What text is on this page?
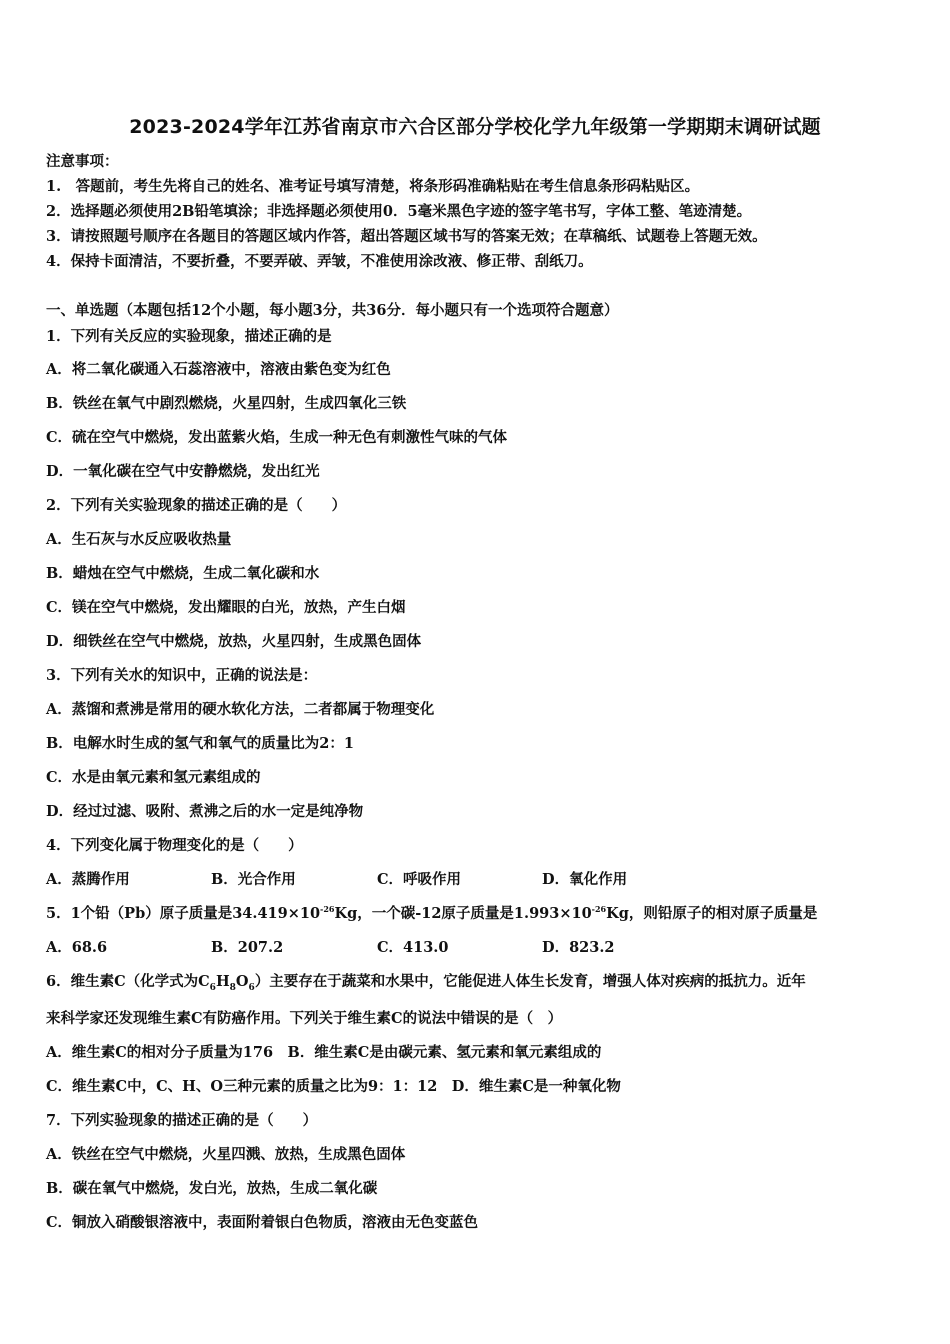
2023-2024学年江苏省南京市六合区部分学校化学九年级第一学期期末调研试题
注意事项：
1.　答题前，考生先将自己的姓名、准考证号填写清楚，将条形码准确粘贴在考生信息条形码粘贴区。
2．选择题必须使用2B铅笔填涂；非选择题必须使用0．5毫米黑色字迹的签字笔书写，字体工整、笔迹清楚。
3．请按照题号顺序在各题目的答题区域内作答，超出答题区域书写的答案无效；在草稿纸、试题卷上答题无效。
4．保持卡面清洁，不要折叠，不要弄破、弄皱，不准使用涂改液、修正带、刮纸刀。
一、单选题（本题包括12个小题，每小题3分，共36分．每小题只有一个选项符合题意）
1．下列有关反应的实验现象，描述正确的是
A．将二氧化碳通入石蕊溶液中，溶液由紫色变为红色
B．铁丝在氧气中剧烈燃烧，火星四射，生成四氧化三铁
C．硫在空气中燃烧，发出蓝紫火焰，生成一种无色有刺激性气味的气体
D．一氧化碳在空气中安静燃烧，发出红光
2．下列有关实验现象的描述正确的是（　　）
A．生石灰与水反应吸收热量
B．蜡烛在空气中燃烧，生成二氧化碳和水
C．镁在空气中燃烧，发出耀眼的白光，放热，产生白烟
D．细铁丝在空气中燃烧，放热，火星四射，生成黑色固体
3．下列有关水的知识中，正确的说法是：
A．蒸馏和煮沸是常用的硬水软化方法，二者都属于物理变化
B．电解水时生成的氢气和氧气的质量比为2：1
C．水是由氧元素和氢元素组成的
D．经过过滤、吸附、煮沸之后的水一定是纯净物
4．下列变化属于物理变化的是（　　）
A．蒸腾作用	B．光合作用	C．呼吸作用	D．氧化作用
5．1个铅（Pb）原子质量是$34.419\times 10^{-26}Kg$，一个碳-12原子质量是$1.993\times 10^{-26}Kg$，则铅原子的相对原子质量是
A．68.6	B．207.2	C．413.0	D．823.2
6．维生素C（化学式为$C_6H_8O_6$）主要存在于蔬菜和水果中，它能促进人体生长发育，增强人体对疾病的抵抗力。近年
来科学家还发现维生素C有防癌作用。下列关于维生素C的说法中错误的是（　）
A．维生素C的相对分子质量为176　B．维生素C是由碳元素、氢元素和氧元素组成的
C．维生素C中，C、H、O三种元素的质量之比为9：1：12　D．维生素C是一种氧化物
7．下列实验现象的描述正确的是（　　）
A．铁丝在空气中燃烧，火星四溅、放热，生成黑色固体
B．碳在氧气中燃烧，发白光，放热，生成二氧化碳
C．铜放入硝酸银溶液中，表面附着银白色物质，溶液由无色变蓝色
